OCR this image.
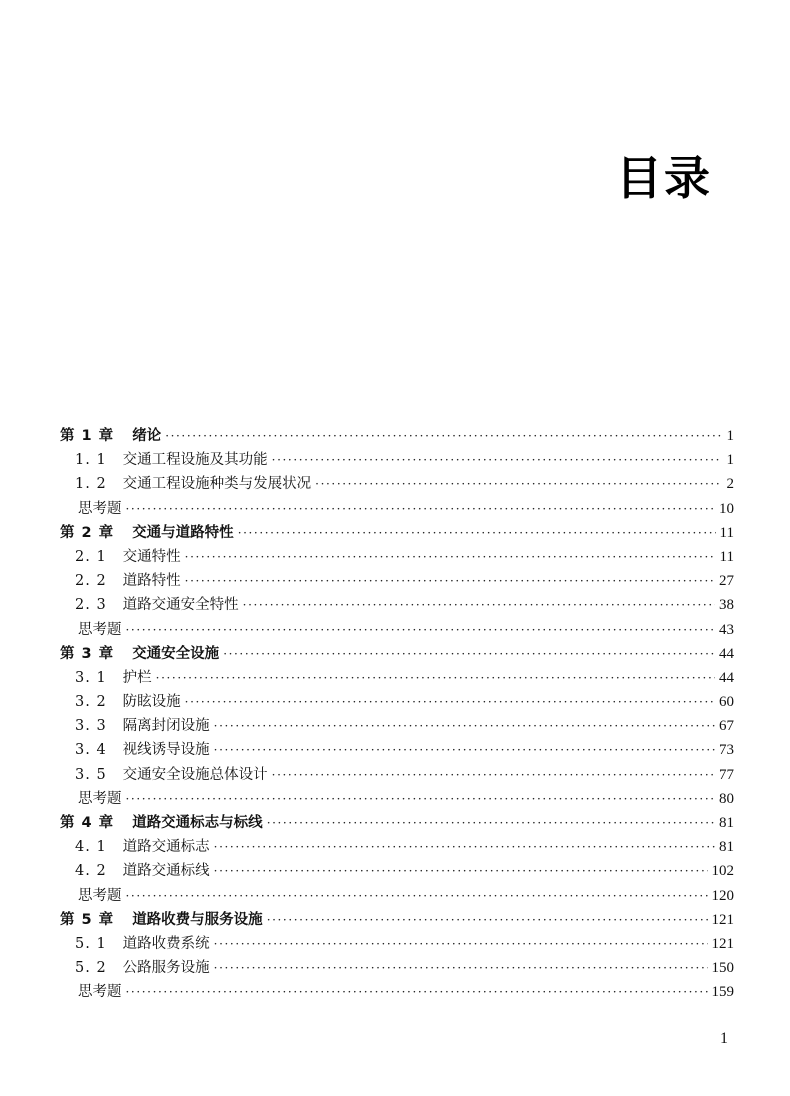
目录
第 1 章 绪论 ·····	1
1. 1 交通工程设施及其功能 ·····	1
1. 2 交通工程设施种类与发展状况 ·····	2
思考题 ·····	10
第 2 章 交通与道路特性 ·····	11
2. 1 交通特性 ·····	11
2. 2 道路特性 ·····	27
2. 3 道路交通安全特性 ·····	38
思考题 ·····	43
第 3 章 交通安全设施 ·····	44
3. 1 护栏 ·····	44
3. 2 防眩设施 ·····	60
3. 3 隔离封闭设施 ·····	67
3. 4 视线诱导设施 ·····	73
3. 5 交通安全设施总体设计 ·····	77
思考题 ·····	80
第 4 章 道路交通标志与标线 ·····	81
4. 1 道路交通标志 ·····	81
4. 2 道路交通标线 ·····	102
思考题 ·····	120
第 5 章 道路收费与服务设施 ·····	121
5. 1 道路收费系统 ·····	121
5. 2 公路服务设施 ·····	150
思考题 ·····	159
1
